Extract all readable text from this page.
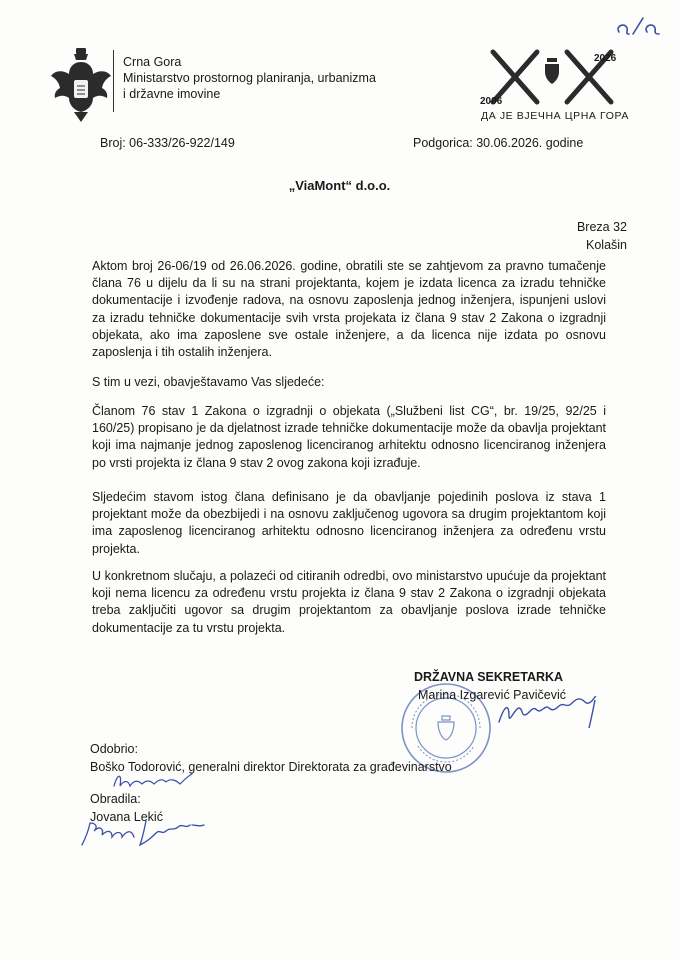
Crna Gora
Ministarstvo prostornog planiranja, urbanizma
i državne imovine
2006
2026
ДА ЈЕ ВЈЕЧНА ЦРНА ГОРА
Broj: 06-333/26-922/149	Podgorica: 30.06.2026. godine
„ViaMont“ d.o.o.
Breza 32
Kolašin

Aktom broj 26-06/19 od 26.06.2026. godine, obratili ste se zahtjevom za pravno tumačenje člana 76 u dijelu da li su na strani projektanta, kojem je izdata licenca za izradu tehničke dokumentacije i izvođenje radova, na osnovu zaposlenja jednog inženjera, ispunjeni uslovi za izradu tehničke dokumentacije svih vrsta projekata iz člana 9 stav 2 Zakona o izgradnji objekata, ako ima zaposlene sve ostale inženjere, a da licenca nije izdata po osnovu zaposlenja i tih ostalih inženjera.

S tim u vezi, obavještavamo Vas sljedeće:

Članom 76 stav 1 Zakona o izgradnji o objekata („Službeni list CG“, br. 19/25, 92/25 i 160/25) propisano je da djelatnost izrade tehničke dokumentacije može da obavlja projektant koji ima najmanje jednog zaposlenog licenciranog arhitektu odnosno licenciranog inženjera po vrsti projekta iz člana 9 stav 2 ovog zakona koji izrađuje.

Sljedećim stavom istog člana definisano je da obavljanje pojedinih poslova iz stava 1 projektant može da obezbijedi i na osnovu zaključenog ugovora sa drugim projektantom koji ima zaposlenog licenciranog arhitektu odnosno licenciranog inženjera za određenu vrstu projekta.

U konkretnom slučaju, a polazeći od citiranih odredbi, ovo ministarstvo upućuje da projektant koji nema licencu za određenu vrstu projekta iz člana 9 stav 2 Zakona o izgradnji objekata treba zaključiti ugovor sa drugim projektantom za obavljanje poslova izrade tehničke dokumentacije za tu vrstu projekta.

DRŽAVNA SEKRETARKA
Marina Izgarević Pavičević
Odobrio:
Boško Todorović, generalni direktor Direktorata za građevinarstvo
Obradila:
Jovana Lekić
